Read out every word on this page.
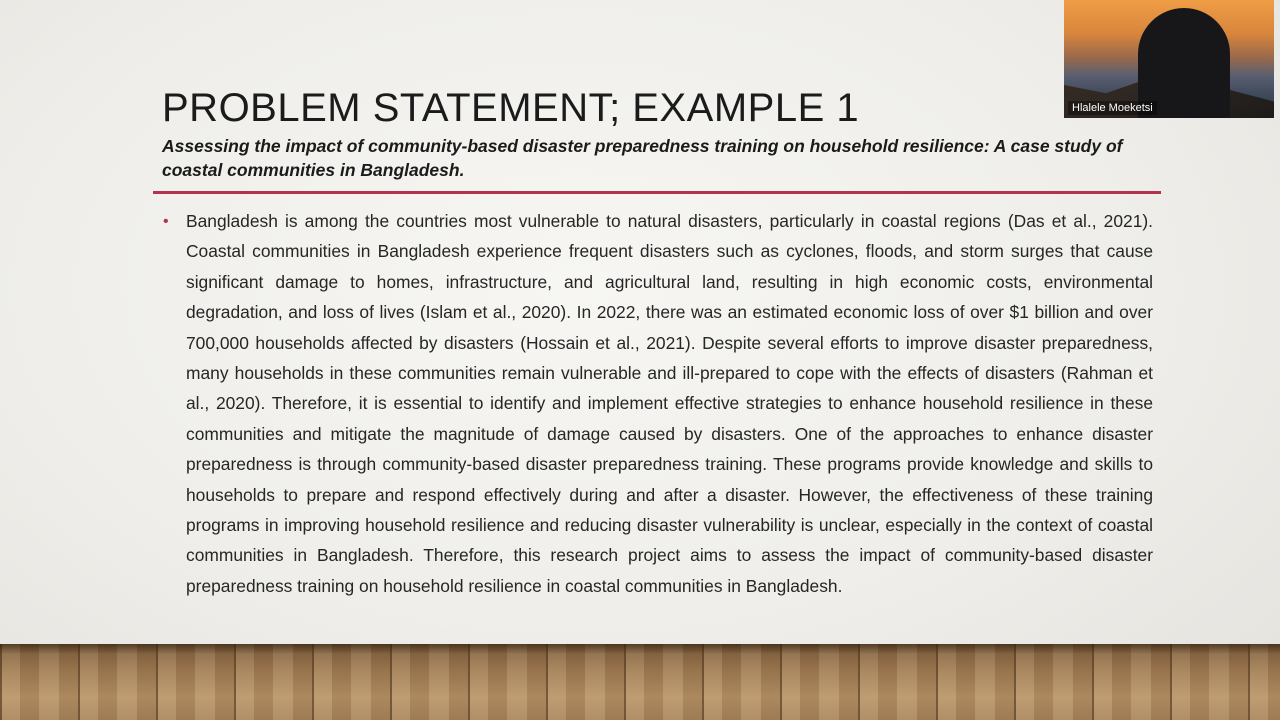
PROBLEM STATEMENT; EXAMPLE 1

Assessing the impact of community-based disaster preparedness training on household resilience: A case study of coastal communities in Bangladesh.

• Bangladesh is among the countries most vulnerable to natural disasters, particularly in coastal regions (Das et al., 2021). Coastal communities in Bangladesh experience frequent disasters such as cyclones, floods, and storm surges that cause significant damage to homes, infrastructure, and agricultural land, resulting in high economic costs, environmental degradation, and loss of lives (Islam et al., 2020). In 2022, there was an estimated economic loss of over $1 billion and over 700,000 households affected by disasters (Hossain et al., 2021). Despite several efforts to improve disaster preparedness, many households in these communities remain vulnerable and ill-prepared to cope with the effects of disasters (Rahman et al., 2020). Therefore, it is essential to identify and implement effective strategies to enhance household resilience in these communities and mitigate the magnitude of damage caused by disasters. One of the approaches to enhance disaster preparedness is through community-based disaster preparedness training. These programs provide knowledge and skills to households to prepare and respond effectively during and after a disaster. However, the effectiveness of these training programs in improving household resilience and reducing disaster vulnerability is unclear, especially in the context of coastal communities in Bangladesh. Therefore, this research project aims to assess the impact of community-based disaster preparedness training on household resilience in coastal communities in Bangladesh.
Hlalele Moeketsi
